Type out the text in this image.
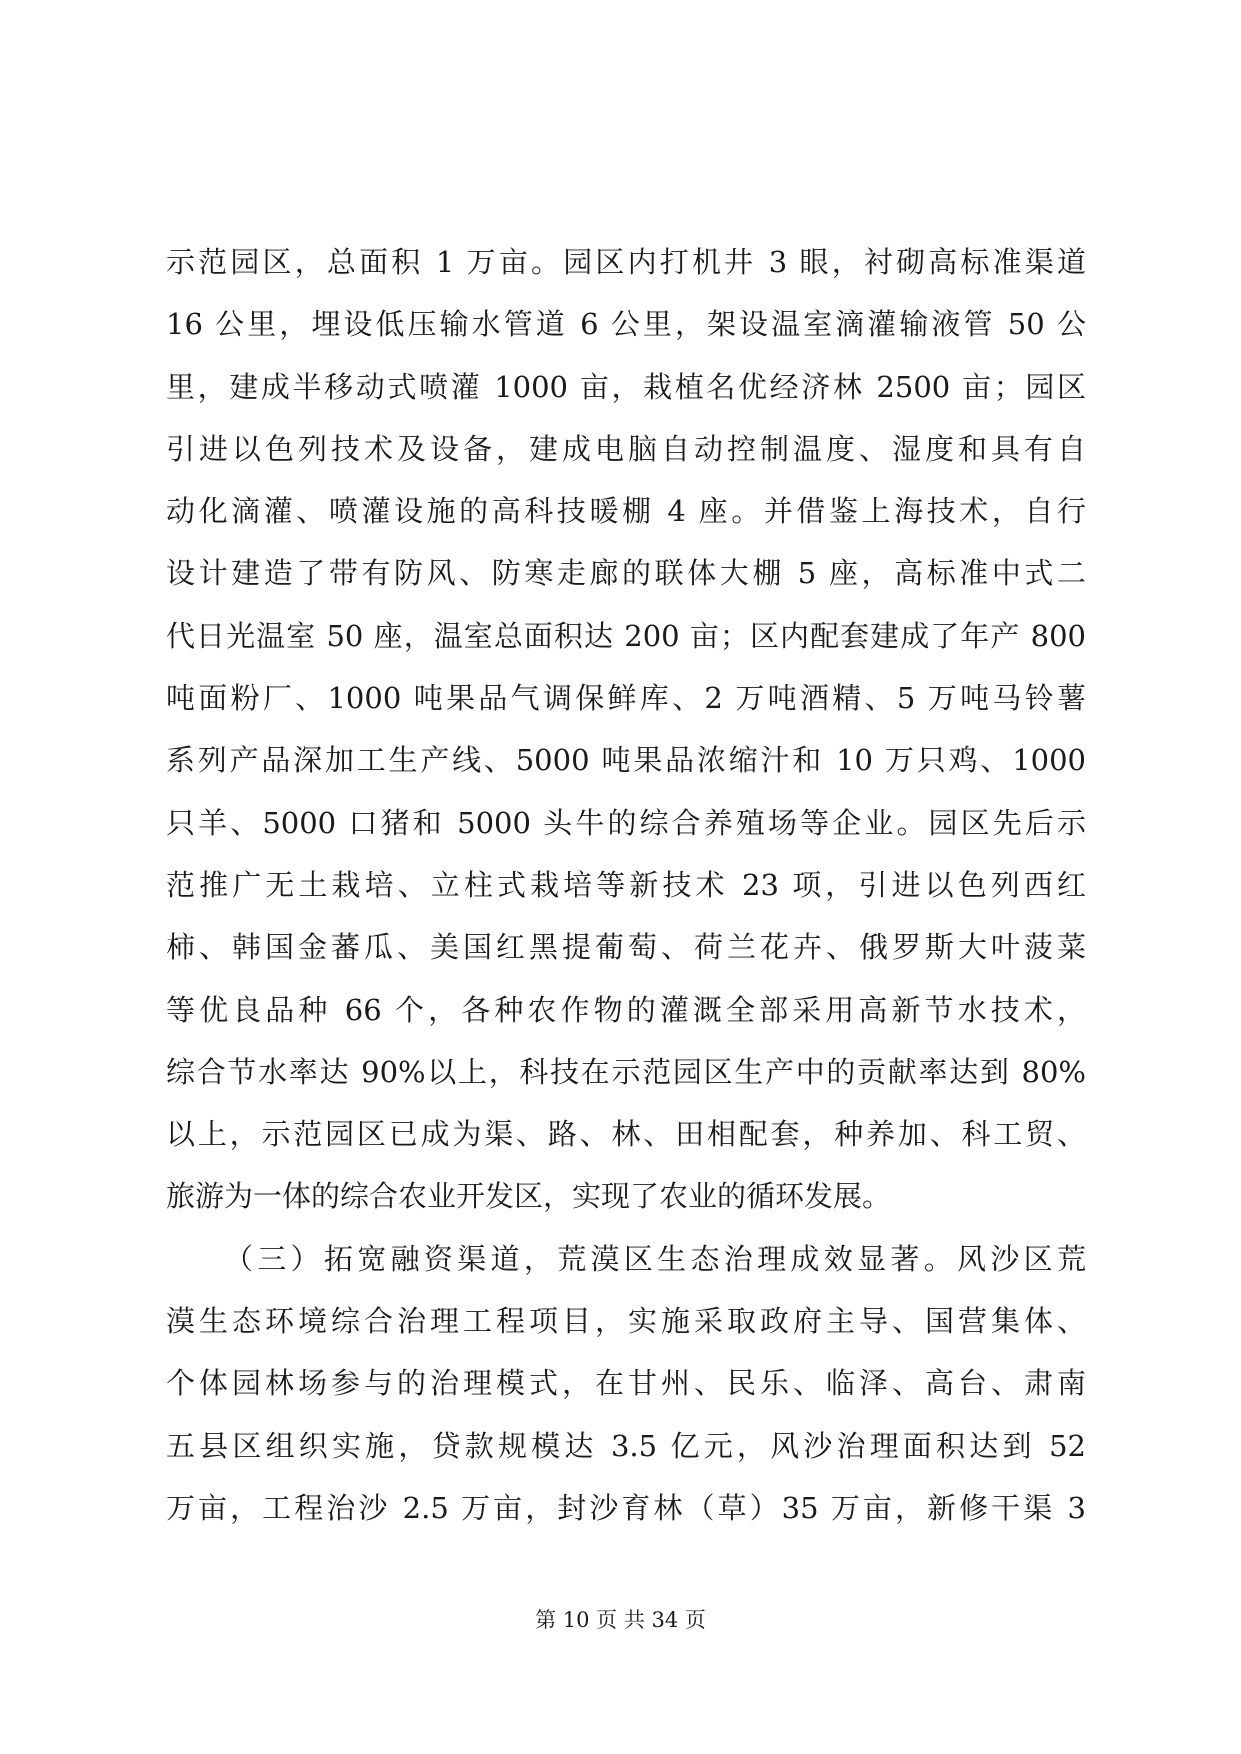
示范园区，总面积 1 万亩。园区内打机井 3 眼，衬砌高标准渠道
16 公里，埋设低压输水管道 6 公里，架设温室滴灌输液管 50 公
里，建成半移动式喷灌 1000 亩，栽植名优经济林 2500 亩；园区
引进以色列技术及设备，建成电脑自动控制温度、湿度和具有自
动化滴灌、喷灌设施的高科技暖棚 4 座。并借鉴上海技术，自行
设计建造了带有防风、防寒走廊的联体大棚 5 座，高标准中式二
代日光温室 50 座，温室总面积达 200 亩；区内配套建成了年产 800
吨面粉厂、1000 吨果品气调保鲜库、2 万吨酒精、5 万吨马铃薯
系列产品深加工生产线、5000 吨果品浓缩汁和 10 万只鸡、1000
只羊、5000 口猪和 5000 头牛的综合养殖场等企业。园区先后示
范推广无土栽培、立柱式栽培等新技术 23 项，引进以色列西红
柿、韩国金蕃瓜、美国红黑提葡萄、荷兰花卉、俄罗斯大叶菠菜
等优良品种 66 个，各种农作物的灌溉全部采用高新节水技术，
综合节水率达 90%以上，科技在示范园区生产中的贡献率达到 80%
以上，示范园区已成为渠、路、林、田相配套，种养加、科工贸、
旅游为一体的综合农业开发区，实现了农业的循环发展。
（三）拓宽融资渠道，荒漠区生态治理成效显著。风沙区荒
漠生态环境综合治理工程项目，实施采取政府主导、国营集体、
个体园林场参与的治理模式，在甘州、民乐、临泽、高台、肃南
五县区组织实施，贷款规模达 3.5 亿元，风沙治理面积达到 52
万亩，工程治沙 2.5 万亩，封沙育林（草）35 万亩，新修干渠 3
第 10 页 共 34 页
